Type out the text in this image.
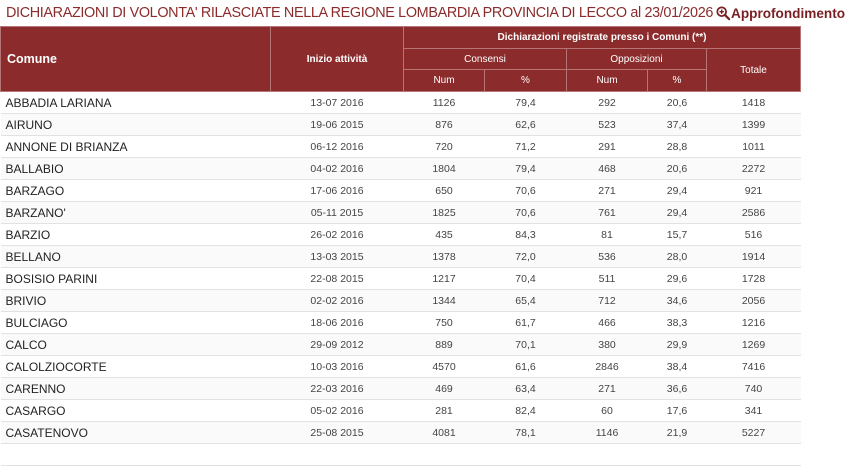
DICHIARAZIONI DI VOLONTA' RILASCIATE NELLA REGIONE LOMBARDIA PROVINCIA DI LECCO al 23/01/2026 Approfondimento
Comune	Inizio attività	Dichiarazioni registrate presso i Comuni (**)				
		Consensi		Opposizioni		Totale
		Num	%	Num	%	
ABBADIA LARIANA	13-07 2016	1126	79,4	292	20,6	1418
AIRUNO	19-06 2015	876	62,6	523	37,4	1399
ANNONE DI BRIANZA	06-12 2016	720	71,2	291	28,8	1011
BALLABIO	04-02 2016	1804	79,4	468	20,6	2272
BARZAGO	17-06 2016	650	70,6	271	29,4	921
BARZANO'	05-11 2015	1825	70,6	761	29,4	2586
BARZIO	26-02 2016	435	84,3	81	15,7	516
BELLANO	13-03 2015	1378	72,0	536	28,0	1914
BOSISIO PARINI	22-08 2015	1217	70,4	511	29,6	1728
BRIVIO	02-02 2016	1344	65,4	712	34,6	2056
BULCIAGO	18-06 2016	750	61,7	466	38,3	1216
CALCO	29-09 2012	889	70,1	380	29,9	1269
CALOLZIOCORTE	10-03 2016	4570	61,6	2846	38,4	7416
CARENNO	22-03 2016	469	63,4	271	36,6	740
CASARGO	05-02 2016	281	82,4	60	17,6	341
CASATENOVO	25-08 2015	4081	78,1	1146	21,9	5227
